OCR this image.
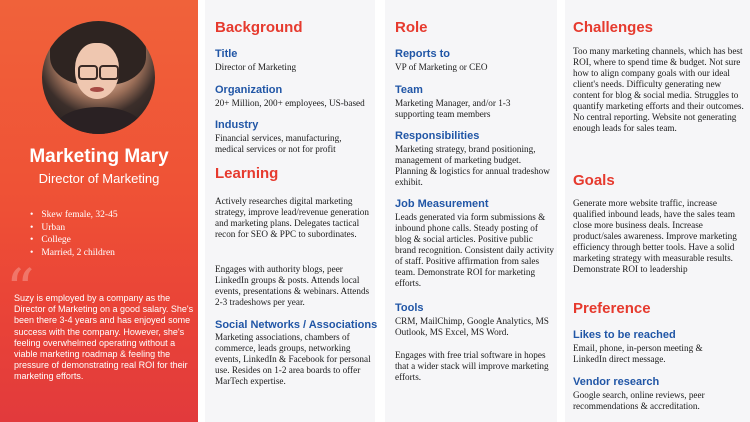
Marketing Mary
Director of Marketing
• Skew female, 32-45
• Urban
• College
• Married, 2 children
“
Suzy is employed by a company as the Director of Marketing on a good salary. She's been there 3-4 years and has enjoyed some success with the company. However, she's feeling overwhelmed operating without a viable marketing roadmap & feeling the pressure of demonstrating real ROI for their marketing efforts.
Background
Title
Director of Marketing
Organization
20+ Million, 200+ employees, US-based
Industry
Financial services, manufacturing, medical services or not for profit
Learning
Actively researches digital marketing strategy, improve lead/revenue generation and marketing plans. Delegates tactical recon for SEO & PPC to subordinates.
Engages with authority blogs, peer LinkedIn groups & posts. Attends local events, presentations & webinars. Attends 2-3 tradeshows per year.
Social Networks / Associations
Marketing associations, chambers of commerce, leads groups, networking events, LinkedIn & Facebook for personal use. Resides on 1-2 area boards to offer MarTech expertise.
Role
Reports to
VP of Marketing or CEO
Team
Marketing Manager, and/or 1-3 supporting team members
Responsibilities
Marketing strategy, brand positioning, management of marketing budget. Planning & logistics for annual tradeshow exhibit.
Job Measurement
Leads generated via form submissions & inbound phone calls. Steady posting of blog & social articles. Positive public brand recognition. Consistent daily activity of staff. Positive affirmation from sales team. Demonstrate ROI for marketing efforts.
Tools
CRM, MailChimp, Google Analytics, MS Outlook, MS Excel, MS Word.
Engages with free trial software in hopes that a wider stack will improve marketing efforts.
Challenges
Too many marketing channels, which has best ROI, where to spend time & budget. Not sure how to align company goals with our ideal client's needs. Difficulty generating new content for blog & social media. Struggles to quantify marketing efforts and their outcomes. No central reporting. Website not generating enough leads for sales team.
Goals
Generate more website traffic, increase qualified inbound leads, have the sales team close more business deals. Increase product/sales awareness. Improve marketing efficiency through better tools. Have a solid marketing strategy with measurable results. Demonstrate ROI to leadership
Preference
Likes to be reached
Email, phone, in-person meeting & LinkedIn direct message.
Vendor research
Google search, online reviews, peer recommendations & accreditation.
